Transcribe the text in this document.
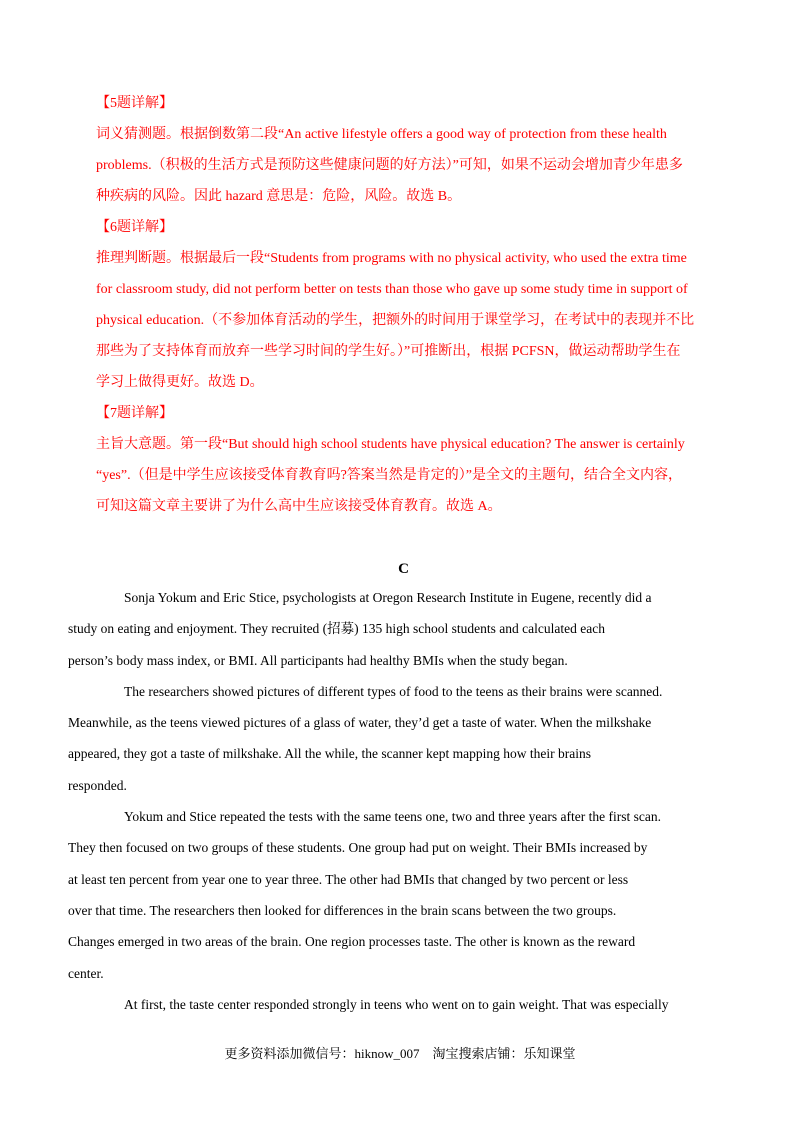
【5题详解】
词义猜测题。根据倒数第二段“An active lifestyle offers a good way of protection from these health
problems.（积极的生活方式是预防这些健康问题的好方法）”可知，如果不运动会增加青少年患多
种疾病的风险。因此 hazard 意思是：危险，风险。故选 B。
【6题详解】
推理判断题。根据最后一段“Students from programs with no physical activity, who used the extra time
for classroom study, did not perform better on tests than those who gave up some study time in support of
physical education.（不参加体育活动的学生，把额外的时间用于课堂学习，在考试中的表现并不比
那些为了支持体育而放弃一些学习时间的学生好。）”可推断出，根据 PCFSN，做运动帮助学生在
学习上做得更好。故选 D。
【7题详解】
主旨大意题。第一段“But should high school students have physical education? The answer is certainly
“yes”.（但是中学生应该接受体育教育吗?答案当然是肯定的）”是全文的主题句，结合全文内容，
可知这篇文章主要讲了为什么高中生应该接受体育教育。故选 A。
C

Sonja Yokum and Eric Stice, psychologists at Oregon Research Institute in Eugene, recently did a
study on eating and enjoyment. They recruited (招募) 135 high school students and calculated each
person’s body mass index, or BMI. All participants had healthy BMIs when the study began.

The researchers showed pictures of different types of food to the teens as their brains were scanned.
Meanwhile, as the teens viewed pictures of a glass of water, they’d get a taste of water. When the milkshake
appeared, they got a taste of milkshake. All the while, the scanner kept mapping how their brains
responded.

Yokum and Stice repeated the tests with the same teens one, two and three years after the first scan.
They then focused on two groups of these students. One group had put on weight. Their BMIs increased by
at least ten percent from year one to year three. The other had BMIs that changed by two percent or less
over that time. The researchers then looked for differences in the brain scans between the two groups.
Changes emerged in two areas of the brain. One region processes taste. The other is known as the reward
center.

At first, the taste center responded strongly in teens who went on to gain weight. That was especially

更多资料添加微信号：hiknow_007　淘宝搜索店铺：乐知课堂
